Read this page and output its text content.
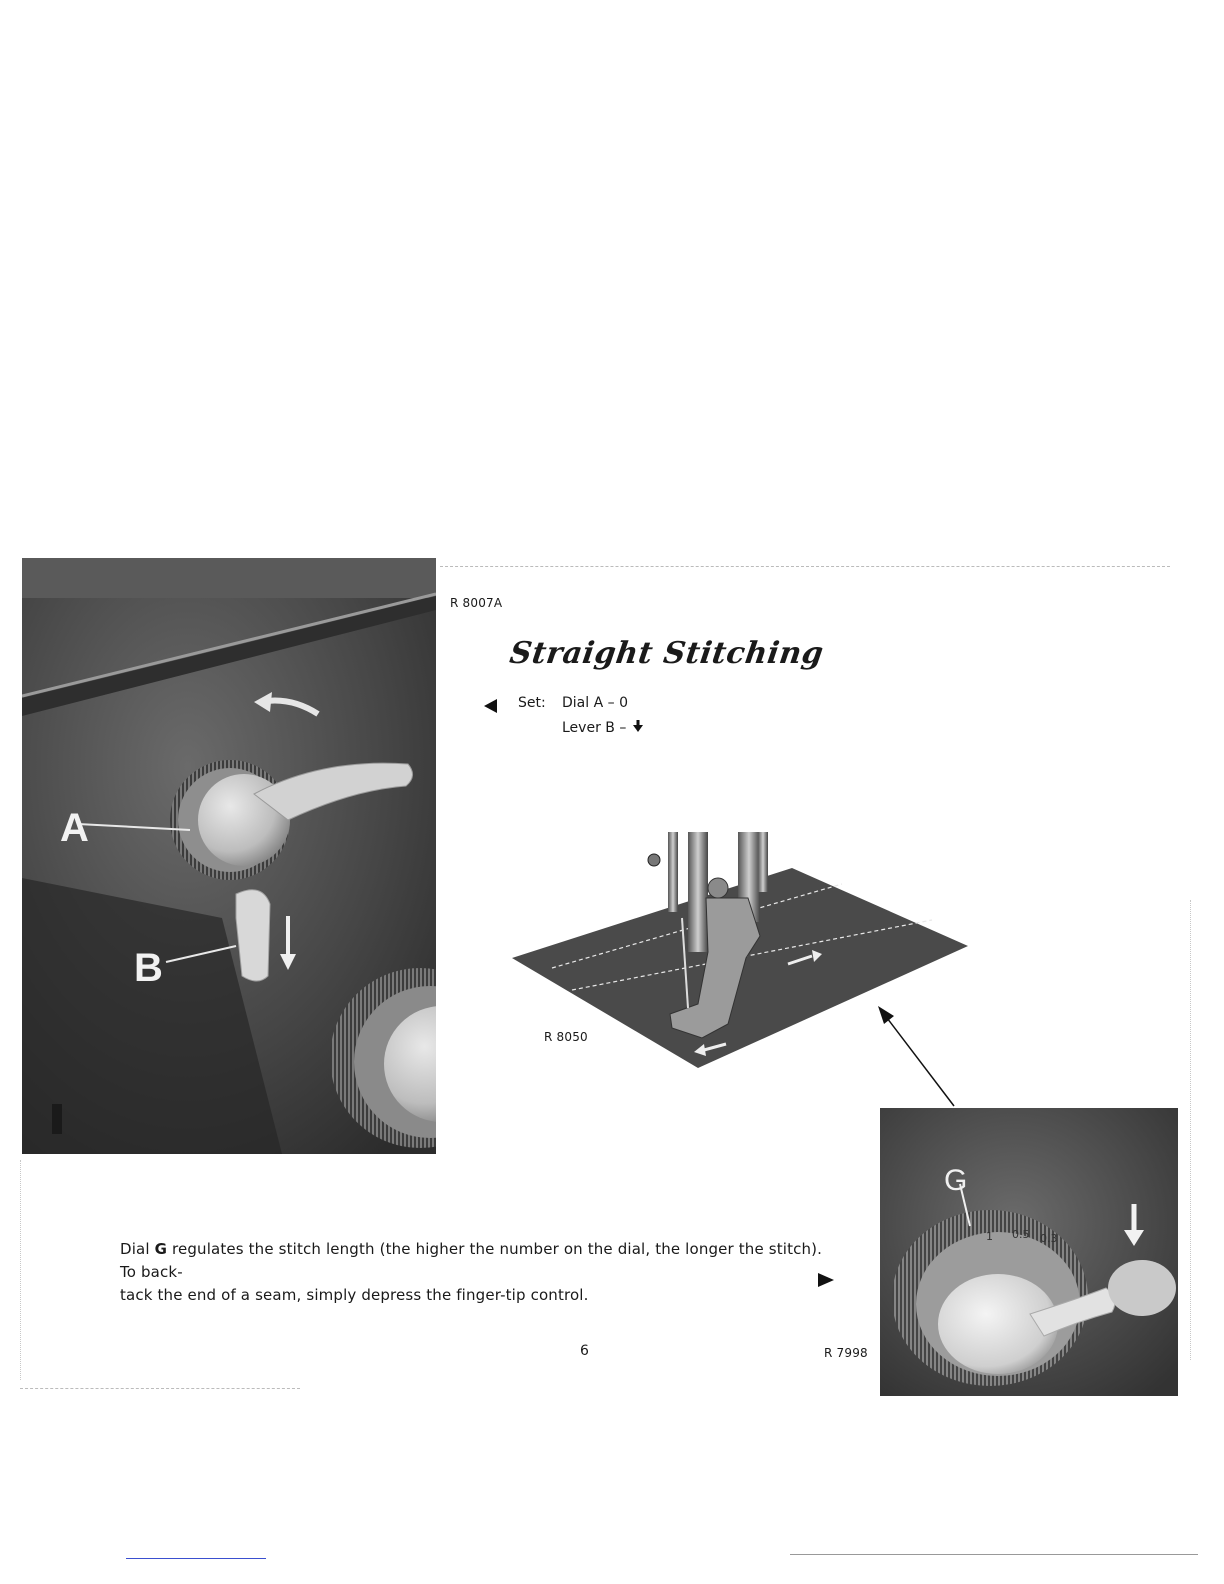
A
B
R 8007A
Straight Stitching
Set: Dial A – 0
Lever B –
R 8050
G
1 0.5 0.3
Dial G regulates the stitch length (the higher the number on the dial, the longer the stitch). To back-
tack the end of a seam, simply depress the finger-tip control.
6	R 7998
